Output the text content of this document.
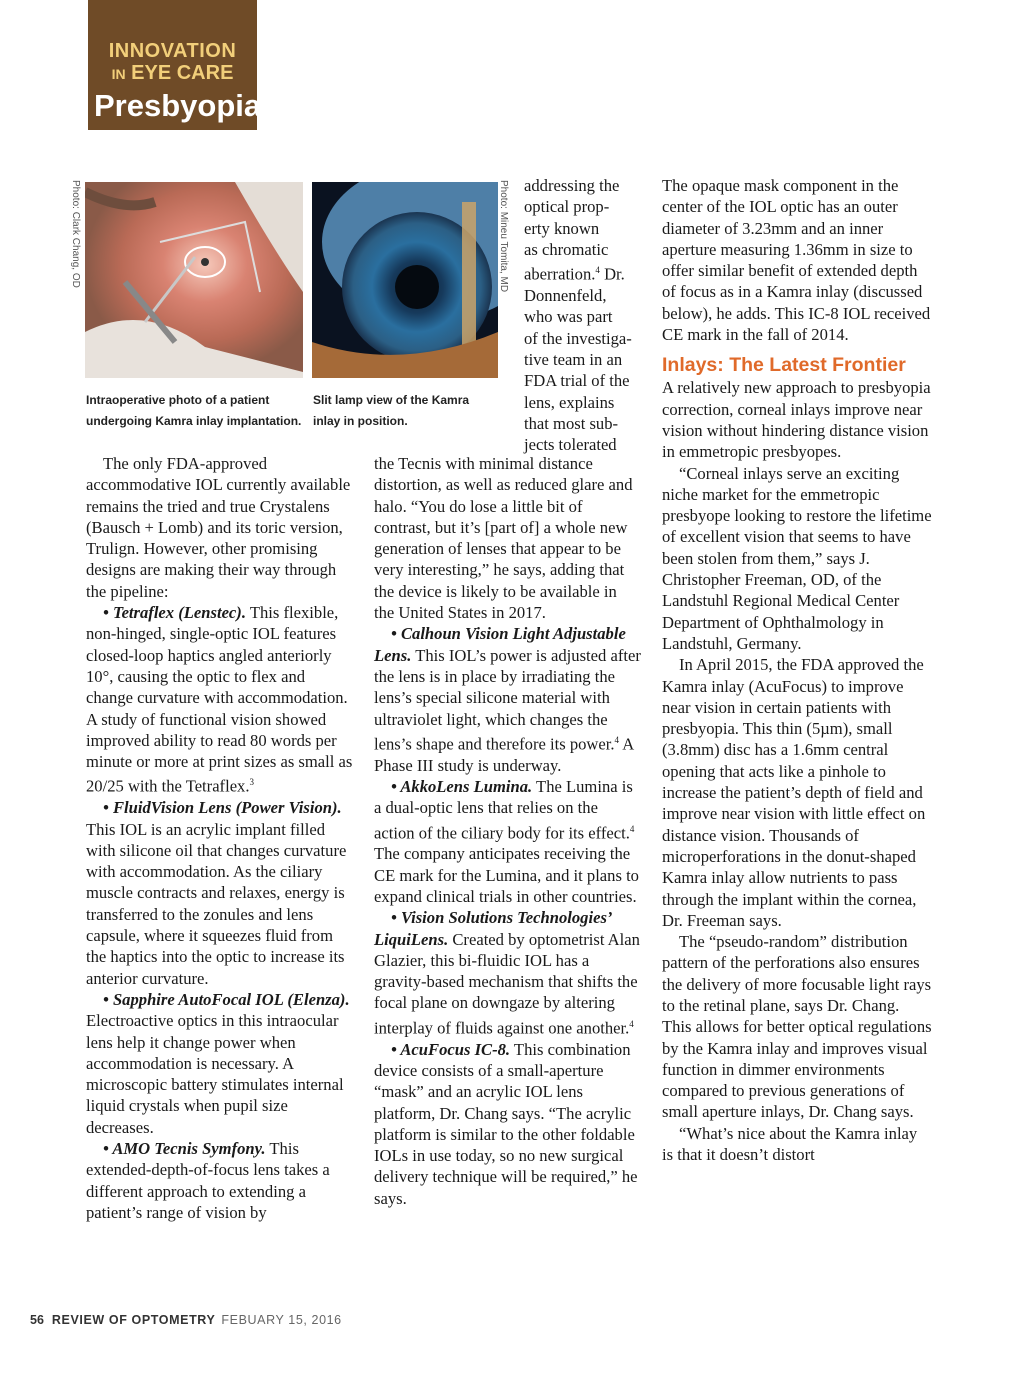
INNOVATION
IN EYE CARE
Presbyopia
Photo: Clark Chang, OD
Intraoperative photo of a patient
undergoing Kamra inlay implantation.
Photo: Mineu Tomita, MD
Slit lamp view of the Kamra
inlay in position.

The only FDA-approved accommodative IOL currently available remains the tried and true Crystalens (Bausch + Lomb) and its toric version, Trulign. However, other promising designs are making their way through the pipeline:

• Tetraflex (Lenstec). This flexible, non-hinged, single-optic IOL features closed-loop haptics angled anteriorly 10°, causing the optic to flex and change curvature with accommodation. A study of functional vision showed improved ability to read 80 words per minute or more at print sizes as small as 20/25 with the Tetraflex.$^3$

• FluidVision Lens (Power Vision). This IOL is an acrylic implant filled with silicone oil that changes curvature with accommodation. As the ciliary muscle contracts and relaxes, energy is transferred to the zonules and lens capsule, where it squeezes fluid from the haptics into the optic to increase its anterior curvature.

• Sapphire AutoFocal IOL (Elenza). Electroactive optics in this intraocular lens help it change power when accommodation is necessary. A microscopic battery stimulates internal liquid crystals when pupil size decreases.

• AMO Tecnis Symfony. This extended-depth-of-focus lens takes a different approach to extending a patient’s range of vision by

addressing the
optical prop-
erty known
as chromatic
aberration.$^4$ Dr.
Donnenfeld,
who was part
of the investiga-
tive team in an
FDA trial of the
lens, explains
that most sub-
jects tolerated

the Tecnis with minimal distance distortion, as well as reduced glare and halo. “You do lose a little bit of contrast, but it’s [part of] a whole new generation of lenses that appear to be very interesting,” he says, adding that the device is likely to be available in the United States in 2017.

• Calhoun Vision Light Adjustable Lens. This IOL’s power is adjusted after the lens is in place by irradiating the lens’s special silicone material with ultraviolet light, which changes the lens’s shape and therefore its power.$^4$ A Phase III study is underway.

• AkkoLens Lumina. The Lumina is a dual-optic lens that relies on the action of the ciliary body for its effect.$^4$ The company anticipates receiving the CE mark for the Lumina, and it plans to expand clinical trials in other countries.

• Vision Solutions Technologies’ LiquiLens. Created by optometrist Alan Glazier, this bi-fluidic IOL has a gravity-based mechanism that shifts the focal plane on downgaze by altering interplay of fluids against one another.$^4$

• AcuFocus IC-8. This combination device consists of a small-aperture “mask” and an acrylic IOL lens platform, Dr. Chang says. “The acrylic platform is similar to the other foldable IOLs in use today, so no new surgical delivery technique will be required,” he says.

The opaque mask component in the center of the IOL optic has an outer diameter of 3.23mm and an inner aperture measuring 1.36mm in size to offer similar benefit of extended depth of focus as in a Kamra inlay (discussed below), he adds. This IC-8 IOL received CE mark in the fall of 2014.

Inlays: The Latest Frontier

A relatively new approach to presbyopia correction, corneal inlays improve near vision without hindering distance vision in emmetropic presbyopes.

“Corneal inlays serve an exciting niche market for the emmetropic presbyope looking to restore the lifetime of excellent vision that seems to have been stolen from them,” says J. Christopher Freeman, OD, of the Landstuhl Regional Medical Center Department of Ophthalmology in Landstuhl, Germany.

In April 2015, the FDA approved the Kamra inlay (AcuFocus) to improve near vision in certain patients with presbyopia. This thin (5µm), small (3.8mm) disc has a 1.6mm central opening that acts like a pinhole to increase the patient’s depth of field and improve near vision with little effect on distance vision. Thousands of microperforations in the donut-shaped Kamra inlay allow nutrients to pass through the implant within the cornea, Dr. Freeman says.

The “pseudo-random” distribution pattern of the perforations also ensures the delivery of more focusable light rays to the retinal plane, says Dr. Chang. This allows for better optical regulations by the Kamra inlay and improves visual function in dimmer environments compared to previous generations of small aperture inlays, Dr. Chang says.

“What’s nice about the Kamra inlay is that it doesn’t distort

56 REVIEW OF OPTOMETRY FEBUARY 15, 2016
